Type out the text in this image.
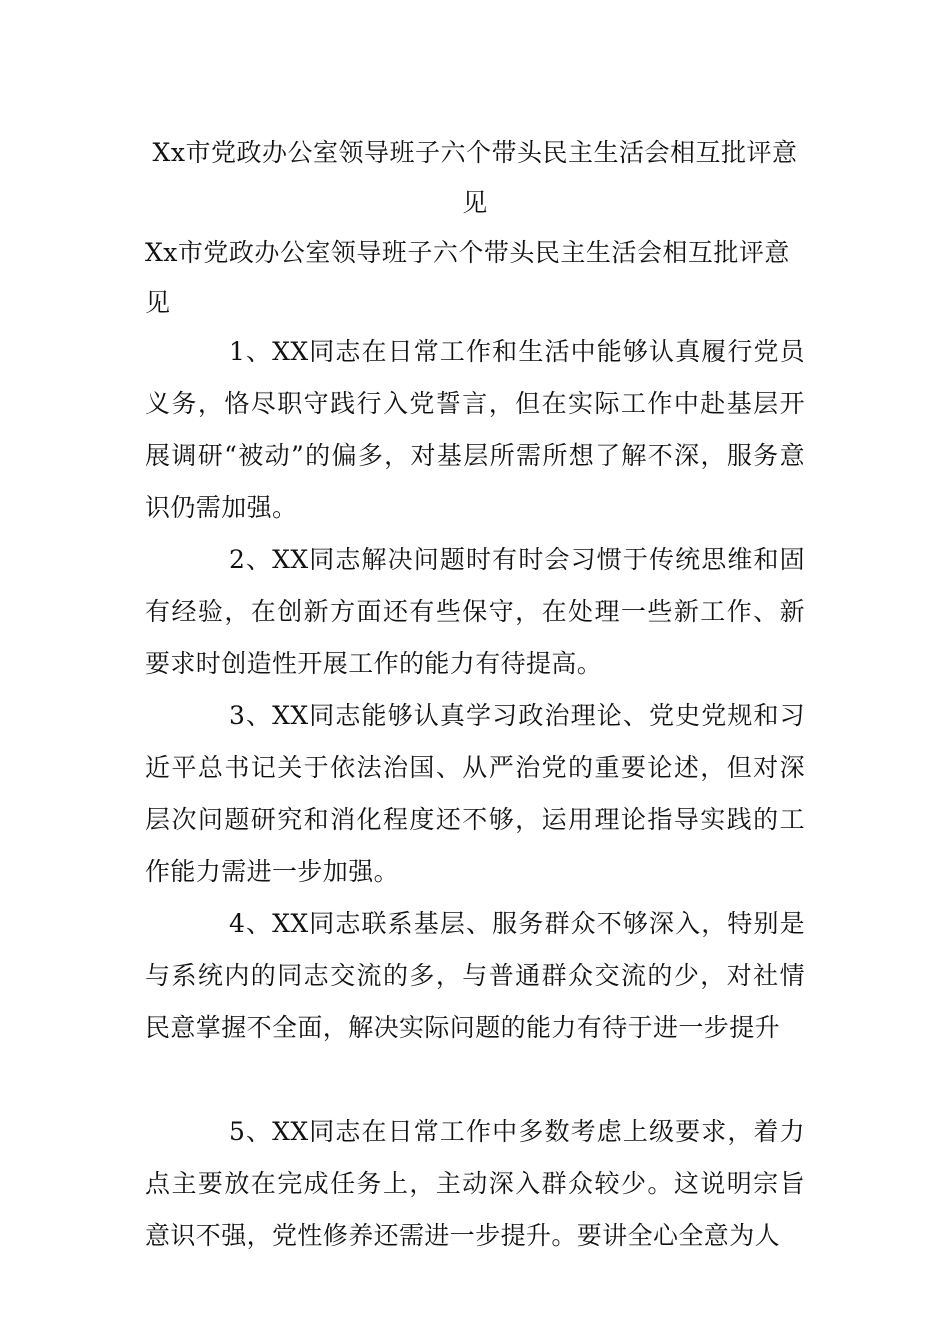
Xx市党政办公室领导班子六个带头民主生活会相互批评意见
Xx市党政办公室领导班子六个带头民主生活会相互批评意见

1、XX同志在日常工作和生活中能够认真履行党员义务，恪尽职守践行入党誓言，但在实际工作中赴基层开展调研“被动”的偏多，对基层所需所想了解不深，服务意识仍需加强。

2、XX同志解决问题时有时会习惯于传统思维和固有经验，在创新方面还有些保守，在处理一些新工作、新要求时创造性开展工作的能力有待提高。

3、XX同志能够认真学习政治理论、党史党规和习近平总书记关于依法治国、从严治党的重要论述，但对深层次问题研究和消化程度还不够，运用理论指导实践的工作能力需进一步加强。

4、XX同志联系基层、服务群众不够深入，特别是与系统内的同志交流的多，与普通群众交流的少，对社情民意掌握不全面，解决实际问题的能力有待于进一步提升

5、XX同志在日常工作中多数考虑上级要求，着力点主要放在完成任务上，主动深入群众较少。这说明宗旨意识不强，党性修养还需进一步提升。要讲全心全意为人
